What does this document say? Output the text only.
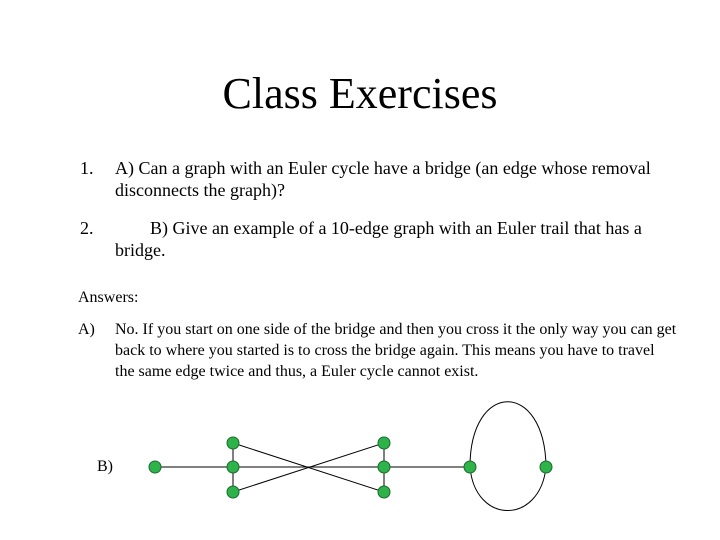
Class Exercises
1. A) Can a graph with an Euler cycle have a bridge (an edge whose removal disconnects the graph)?
2.	B) Give an example of a 10-edge graph with an Euler trail that has a bridge.
Answers:
A) No. If you start on one side of the bridge and then you cross it the only way you can get back to where you started is to cross the bridge again. This means you have to travel the same edge twice and thus, a Euler cycle cannot exist.
B)
